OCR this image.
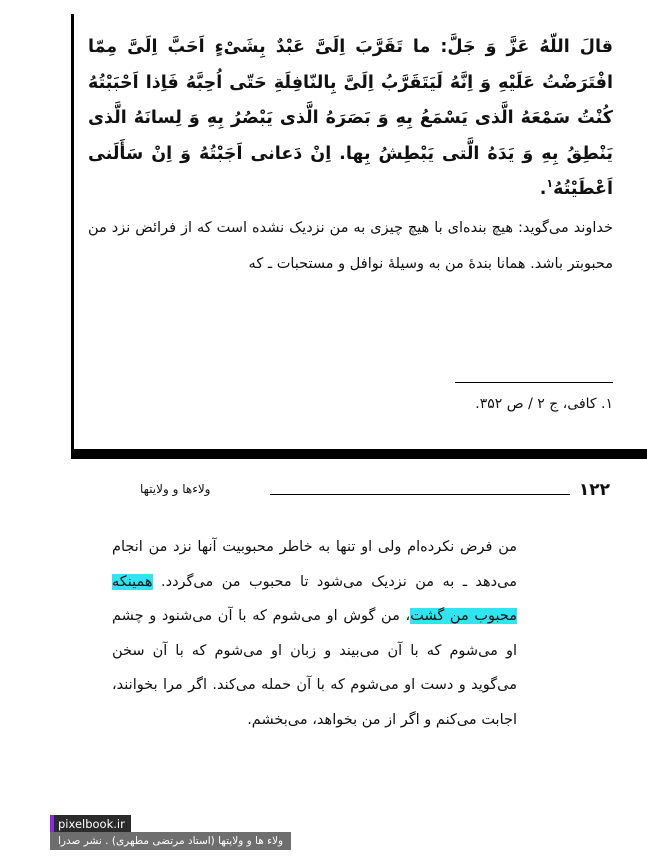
قالَ اللّهُ عَزَّ وَ جَلَّ: ما تَقَرَّبَ اِلَىَّ عَبْدٌ بِشَیْءٍ اَحَبَّ اِلَىَّ مِمّا افْتَرَضْتُ عَلَیْهِ وَ اِنَّهُ لَیَتَقَرَّبُ اِلَىَّ بِالنّافِلَةِ حَتّی اُحِبَّهُ فَاِذا اَحْبَبْتُهُ کُنْتُ سَمْعَهُ الَّذی یَسْمَعُ بِهِ وَ بَصَرَهُ الَّذی یَبْصُرُ بِهِ وَ لِسانَهُ الَّذی یَنْطِقُ بِهِ وَ یَدَهُ الَّتی یَبْطِشُ بِها. اِنْ دَعانی اَجَبْتُهُ وَ اِنْ سَأَلَنی اَعْطَیْتُهُ$^۱$.

خداوند می‌گوید: هیچ بنده‌ای با هیچ چیزی به من نزدیک نشده است که از فرائض نزد من محبوبتر باشد. همانا بندهٔ من به وسیلهٔ نوافل و مستحبات ـ که

۱. کافی، ج ۲ / ص ۳۵۲.
۱۲۲
ولاءها و ولایتها

من فرض نکرده‌ام ولی او تنها به خاطر محبوبیت آنها نزد من انجام می‌دهد ـ به من نزدیک می‌شود تا محبوب من می‌گردد. همینکه محبوب من گشت، من گوش او می‌شوم که با آن می‌شنود و چشم او می‌شوم که با آن می‌بیند و زبان او می‌شوم که با آن سخن می‌گوید و دست او می‌شوم که با آن حمله می‌کند. اگر مرا بخوانند، اجابت می‌کنم و اگر از من بخواهد، می‌بخشم.

pixelbook.ir
ولاء ها و ولایتها (استاد مرتضی مطهری) . نشر صدرا
